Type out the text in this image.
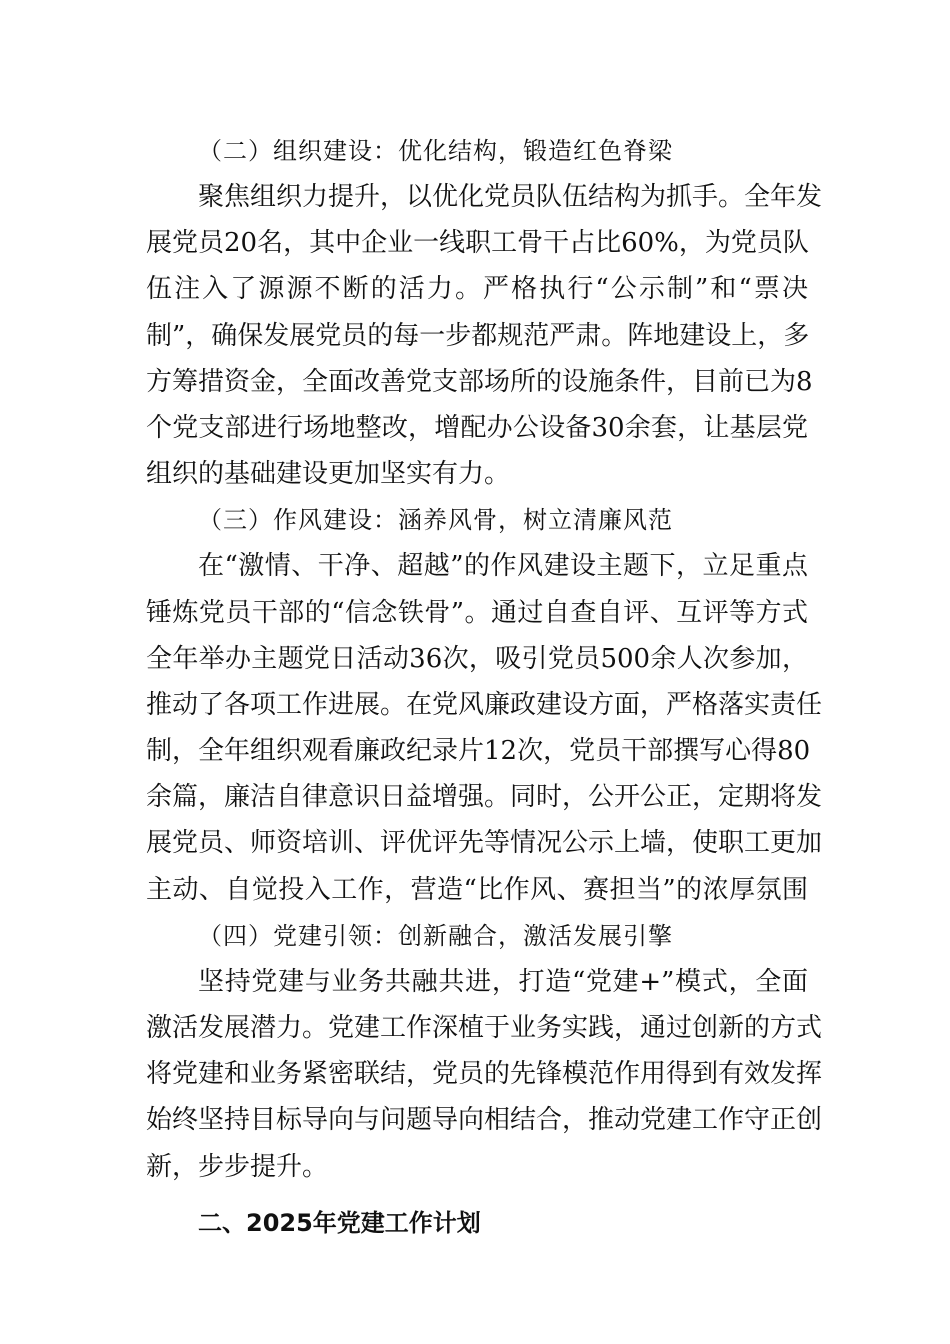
（二）组织建设：优化结构，锻造红色脊梁
聚焦组织力提升，以优化党员队伍结构为抓手。全年发
展党员20名，其中企业一线职工骨干占比60%，为党员队
伍注入了源源不断的活力。严格执行“公示制”和“票决
制”，确保发展党员的每一步都规范严肃。阵地建设上，多
方筹措资金，全面改善党支部场所的设施条件，目前已为8
个党支部进行场地整改，增配办公设备30余套，让基层党
组织的基础建设更加坚实有力。
（三）作风建设：涵养风骨，树立清廉风范
在“激情、干净、超越”的作风建设主题下，立足重点
锤炼党员干部的“信念铁骨”。通过自查自评、互评等方式
全年举办主题党日活动36次，吸引党员500余人次参加，
推动了各项工作进展。在党风廉政建设方面，严格落实责任
制，全年组织观看廉政纪录片12次，党员干部撰写心得80
余篇，廉洁自律意识日益增强。同时，公开公正，定期将发
展党员、师资培训、评优评先等情况公示上墙，使职工更加
主动、自觉投入工作，营造“比作风、赛担当”的浓厚氛围
（四）党建引领：创新融合，激活发展引擎
坚持党建与业务共融共进，打造“党建+”模式，全面
激活发展潜力。党建工作深植于业务实践，通过创新的方式
将党建和业务紧密联结，党员的先锋模范作用得到有效发挥
始终坚持目标导向与问题导向相结合，推动党建工作守正创
新，步步提升。
二、2025年党建工作计划
